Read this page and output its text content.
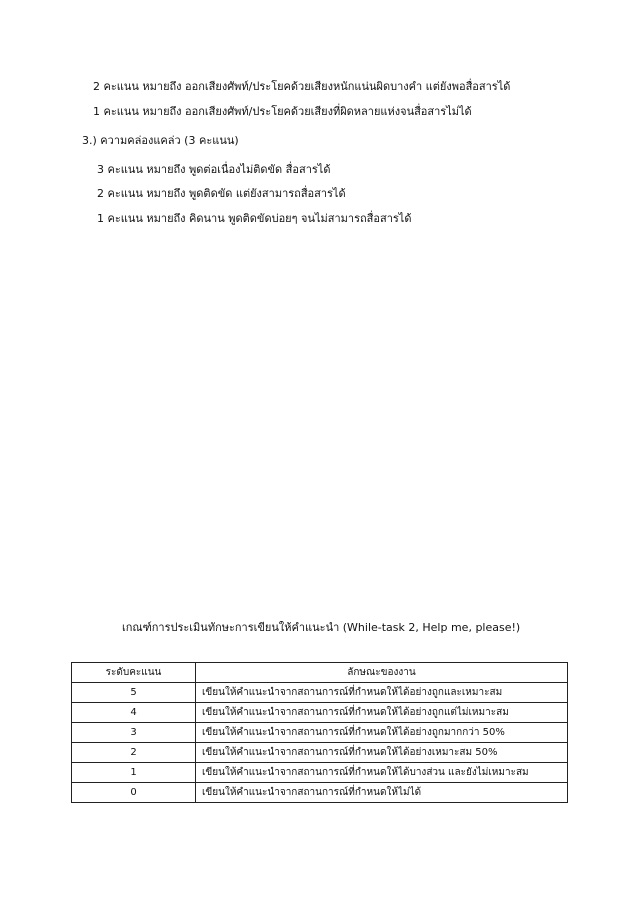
2 คะแนน หมายถึง ออกเสียงศัพท์/ประโยคด้วยเสียงหนักแน่นผิดบางคำ แต่ยังพอสื่อสารได้
1 คะแนน หมายถึง ออกเสียงศัพท์/ประโยคด้วยเสียงที่ผิดหลายแห่งจนสื่อสารไม่ได้
3.) ความคล่องแคล่ว (3 คะแนน)
3 คะแนน หมายถึง พูดต่อเนื่องไม่ติดขัด สื่อสารได้
2 คะแนน หมายถึง พูดติดขัด แต่ยังสามารถสื่อสารได้
1 คะแนน หมายถึง คิดนาน พูดติดขัดบ่อยๆ จนไม่สามารถสื่อสารได้
เกณฑ์การประเมินทักษะการเขียนให้คำแนะนำ (While-task 2, Help me, please!)
ระดับคะแนน	ลักษณะของงาน
5	เขียนให้คำแนะนำจากสถานการณ์ที่กำหนดให้ได้อย่างถูกและเหมาะสม
4	เขียนให้คำแนะนำจากสถานการณ์ที่กำหนดให้ได้อย่างถูกแต่ไม่เหมาะสม
3	เขียนให้คำแนะนำจากสถานการณ์ที่กำหนดให้ได้อย่างถูกมากกว่า 50%
2	เขียนให้คำแนะนำจากสถานการณ์ที่กำหนดให้ได้อย่างเหมาะสม 50%
1	เขียนให้คำแนะนำจากสถานการณ์ที่กำหนดให้ได้บางส่วน และยังไม่เหมาะสม
0	เขียนให้คำแนะนำจากสถานการณ์ที่กำหนดให้ไม่ได้
